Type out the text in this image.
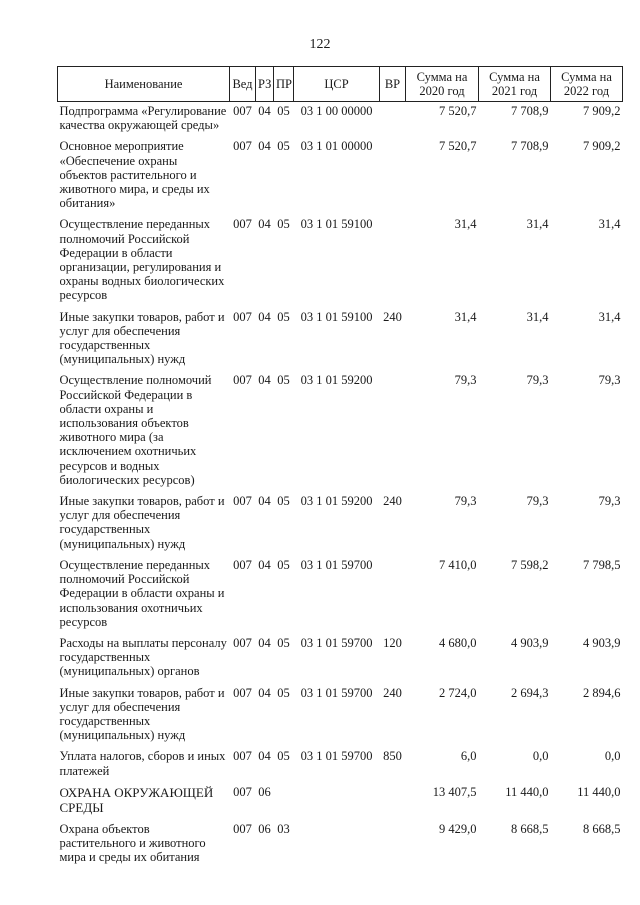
122
Наименование	Вед	РЗ	ПР	ЦСР	ВР	Сумма на 2020 год	Сумма на 2021 год	Сумма на 2022 год
Подпрограмма «Регулирование качества окружающей среды»	007	04	05	03 1 00 00000		7 520,7	7 708,9	7 909,2
Основное мероприятие «Обеспечение охраны объектов растительного и животного мира, и среды их обитания»	007	04	05	03 1 01 00000		7 520,7	7 708,9	7 909,2
Осуществление переданных полномочий Российской Федерации в области организации, регулирования и охраны водных биологических ресурсов	007	04	05	03 1 01 59100		31,4	31,4	31,4
Иные закупки товаров, работ и услуг для обеспечения государственных (муниципальных) нужд	007	04	05	03 1 01 59100	240	31,4	31,4	31,4
Осуществление полномочий Российской Федерации в области охраны и использования объектов животного мира (за исключением охотничьих ресурсов и водных биологических ресурсов)	007	04	05	03 1 01 59200		79,3	79,3	79,3
Иные закупки товаров, работ и услуг для обеспечения государственных (муниципальных) нужд	007	04	05	03 1 01 59200	240	79,3	79,3	79,3
Осуществление переданных полномочий Российской Федерации в области охраны и использования охотничьих ресурсов	007	04	05	03 1 01 59700		7 410,0	7 598,2	7 798,5
Расходы на выплаты персоналу государственных (муниципальных) органов	007	04	05	03 1 01 59700	120	4 680,0	4 903,9	4 903,9
Иные закупки товаров, работ и услуг для обеспечения государственных (муниципальных) нужд	007	04	05	03 1 01 59700	240	2 724,0	2 694,3	2 894,6
Уплата налогов, сборов и иных платежей	007	04	05	03 1 01 59700	850	6,0	0,0	0,0
ОХРАНА ОКРУЖАЮЩЕЙ СРЕДЫ	007	06				13 407,5	11 440,0	11 440,0
Охрана объектов растительного и животного мира и среды их обитания	007	06	03			9 429,0	8 668,5	8 668,5
